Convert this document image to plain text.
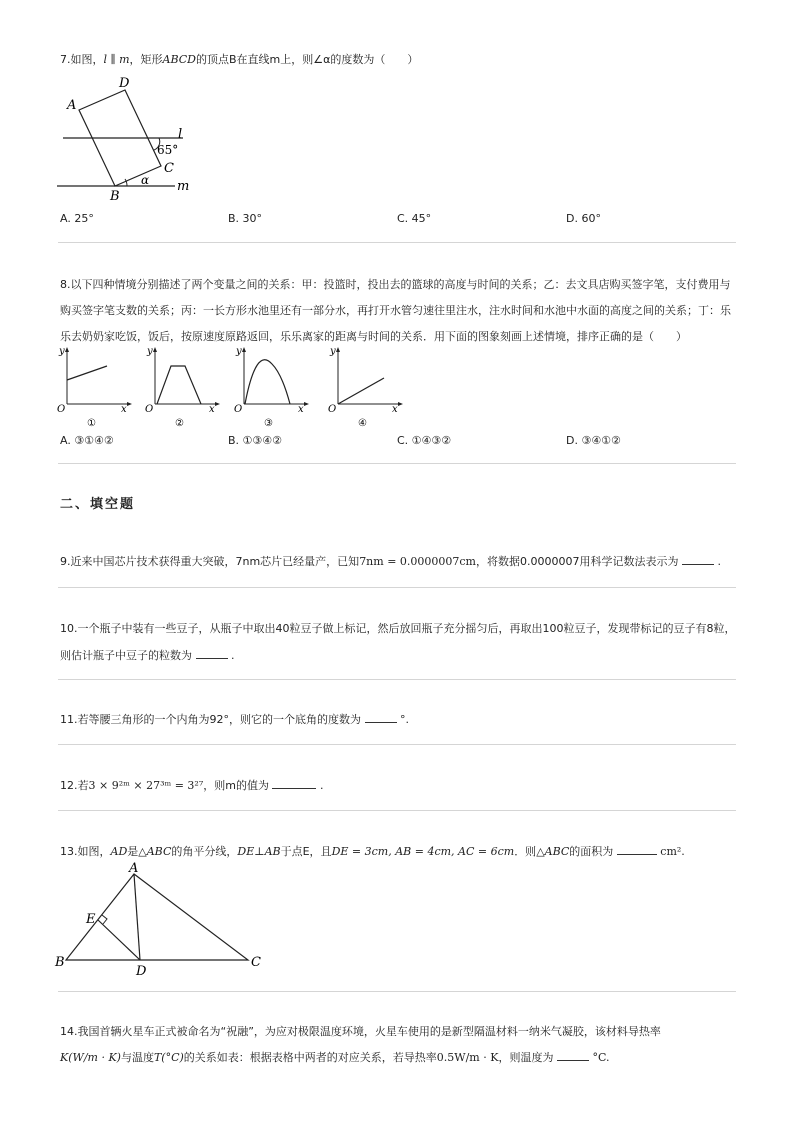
7.如图，l ∥ m，矩形ABCD的顶点B在直线m上，则∠α的度数为（　　）
A
D
C
B
l
m
65°
α
A. 25°	B. 30°	C. 45°	D. 60°
8.以下四种情境分别描述了两个变量之间的关系：甲：投篮时，投出去的篮球的高度与时间的关系；乙：去文具店购买签字笔，支付费用与
购买签字笔支数的关系；丙：一长方形水池里还有一部分水，再打开水管匀速往里注水，注水时间和水池中水面的高度之间的关系；丁：乐
乐去奶奶家吃饭，饭后，按原速度原路返回，乐乐离家的距离与时间的关系．用下面的图象刻画上述情境，排序正确的是（　　）
y
O	x
①
y
O	x
②
y
O	x
③
y
O	x
④
A. ③①④②	B. ①③④②	C. ①④③②	D. ③④①②
二、填空题
9.近来中国芯片技术获得重大突破，7nm芯片已经量产，已知7nm = 0.0000007cm，将数据0.0000007用科学记数法表示为	.
10.一个瓶子中装有一些豆子，从瓶子中取出40粒豆子做上标记，然后放回瓶子充分摇匀后，再取出100粒豆子，发现带标记的豆子有8粒，
则估计瓶子中豆子的粒数为	.
11.若等腰三角形的一个内角为92°，则它的一个底角的度数为	°.
12.若3 × 9²ᵐ × 27³ᵐ = 3²⁷，则m的值为	.
13.如图，AD是△ABC的角平分线，DE⊥AB于点E，且DE = 3cm, AB = 4cm, AC = 6cm．则△ABC的面积为	cm².
A
B	C
D
E
14.我国首辆火星车正式被命名为“祝融”，为应对极限温度环境，火星车使用的是新型隔温材料一纳米气凝胶，该材料导热率
K(W/m · K)与温度T(°C)的关系如表：根据表格中两者的对应关系，若导热率0.5W/m · K，则温度为	°C.
